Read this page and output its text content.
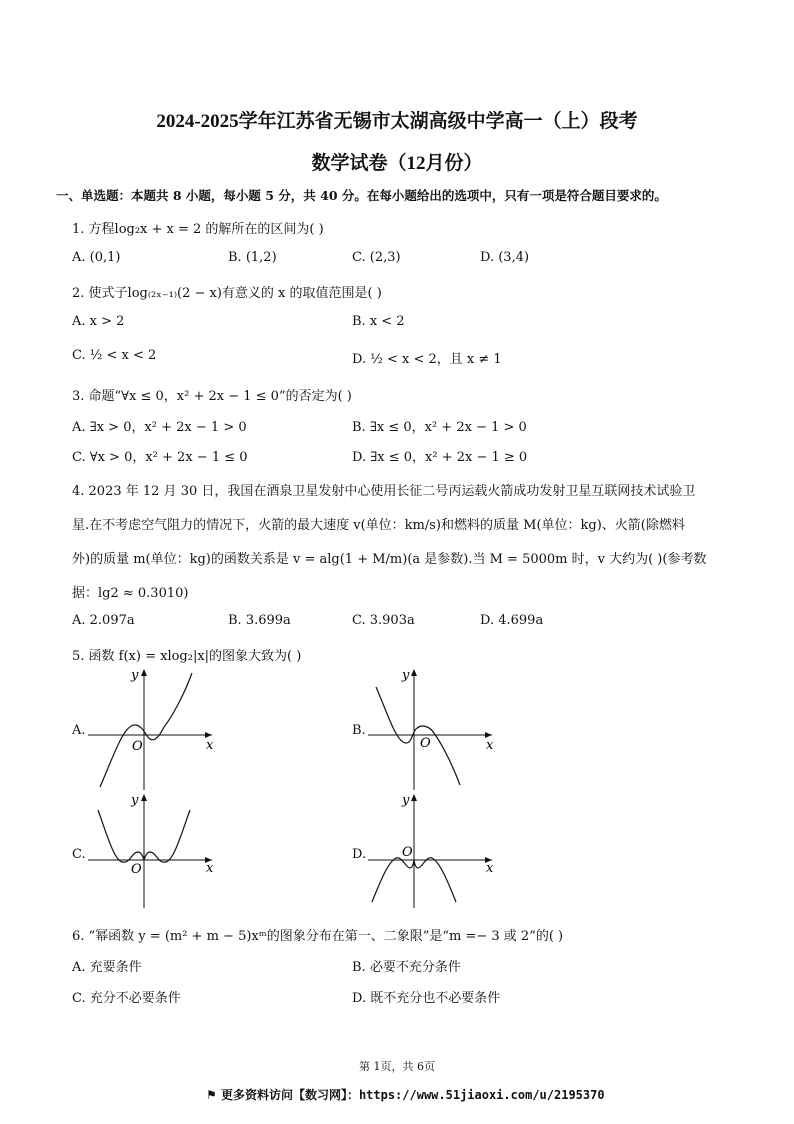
2024-2025学年江苏省无锡市太湖高级中学高一（上）段考
数学试卷（12月份）
一、单选题：本题共 8 小题，每小题 5 分，共 40 分。在每小题给出的选项中，只有一项是符合题目要求的。
1. 方程log₂x + x = 2 的解所在的区间为( )
A. (0,1)	B. (1,2)	C. (2,3)	D. (3,4)
2. 使式子log₍₂ₓ₋₁₎(2 − x)有意义的 x 的取值范围是( )
A. x > 2	B. x < 2
C. ½ < x < 2	D. ½ < x < 2，且 x ≠ 1
3. 命题“∀x ≤ 0，x² + 2x − 1 ≤ 0”的否定为( )
A. ∃x > 0，x² + 2x − 1 > 0	B. ∃x ≤ 0，x² + 2x − 1 > 0
C. ∀x > 0，x² + 2x − 1 ≤ 0	D. ∃x ≤ 0，x² + 2x − 1 ≥ 0
4. 2023 年 12 月 30 日，我国在酒泉卫星发射中心使用长征二号丙运载火箭成功发射卫星互联网技术试验卫
星.在不考虑空气阻力的情况下，火箭的最大速度 v(单位：km/s)和燃料的质量 M(单位：kg)、火箭(除燃料
外)的质量 m(单位：kg)的函数关系是 v = alg(1 + M/m)(a 是参数).当 M = 5000m 时，v 大约为( )(参考数
据：lg2 ≈ 0.3010)
A. 2.097a	B. 3.699a	C. 3.903a	D. 4.699a
5. 函数 f(x) = xlog₂|x|的图象大致为( )
A.	B.
C.	D.
x
y
O	x
y
O
x
y
O	x
y
O
6. “幂函数 y = (m² + m − 5)xᵐ的图象分布在第一、二象限”是“m =− 3 或 2”的( )
A. 充要条件	B. 必要不充分条件
C. 充分不必要条件	D. 既不充分也不必要条件
第 1页，共 6页
⚑ 更多资料访问【数习网】：https://www.51jiaoxi.com/u/2195370
